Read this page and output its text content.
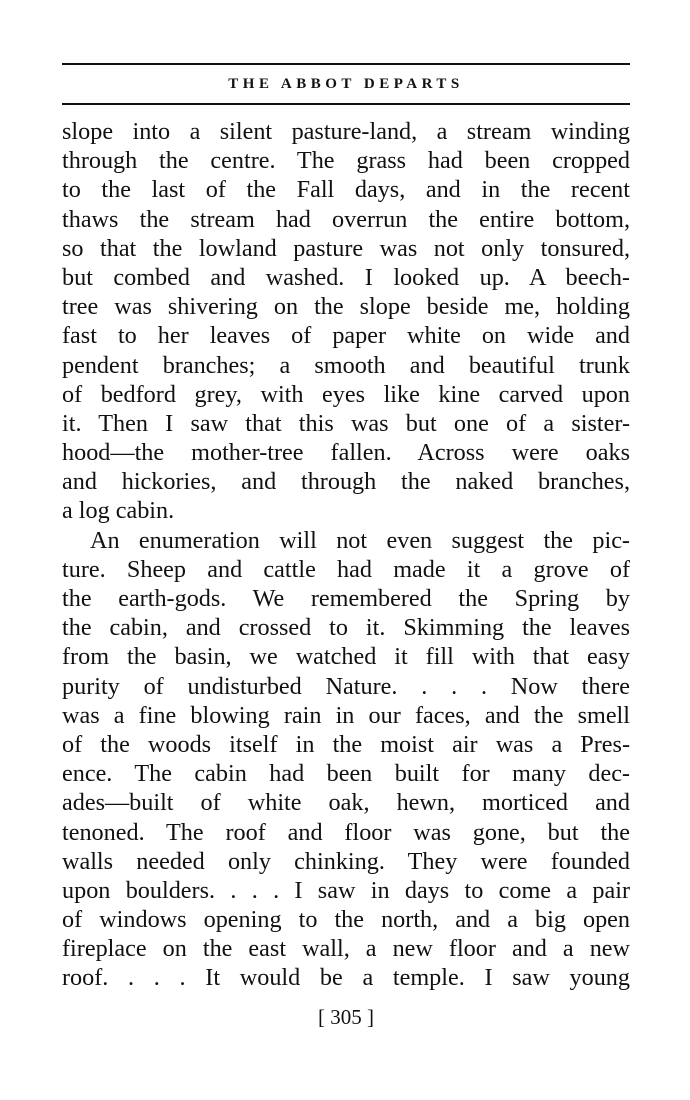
THE ABBOT DEPARTS
slope into a silent pasture-land, a stream winding
through the centre. The grass had been cropped
to the last of the Fall days, and in the recent
thaws the stream had overrun the entire bottom,
so that the lowland pasture was not only tonsured,
but combed and washed. I looked up. A beech-
tree was shivering on the slope beside me, holding
fast to her leaves of paper white on wide and
pendent branches; a smooth and beautiful trunk
of bedford grey, with eyes like kine carved upon
it. Then I saw that this was but one of a sister-
hood—the mother-tree fallen. Across were oaks
and hickories, and through the naked branches,
a log cabin.
An enumeration will not even suggest the pic-
ture. Sheep and cattle had made it a grove of
the earth-gods. We remembered the Spring by
the cabin, and crossed to it. Skimming the leaves
from the basin, we watched it fill with that easy
purity of undisturbed Nature. . . . Now there
was a fine blowing rain in our faces, and the smell
of the woods itself in the moist air was a Pres-
ence. The cabin had been built for many dec-
ades—built of white oak, hewn, morticed and
tenoned. The roof and floor was gone, but the
walls needed only chinking. They were founded
upon boulders. . . . I saw in days to come a pair
of windows opening to the north, and a big open
fireplace on the east wall, a new floor and a new
roof. . . . It would be a temple. I saw young
[ 305 ]
